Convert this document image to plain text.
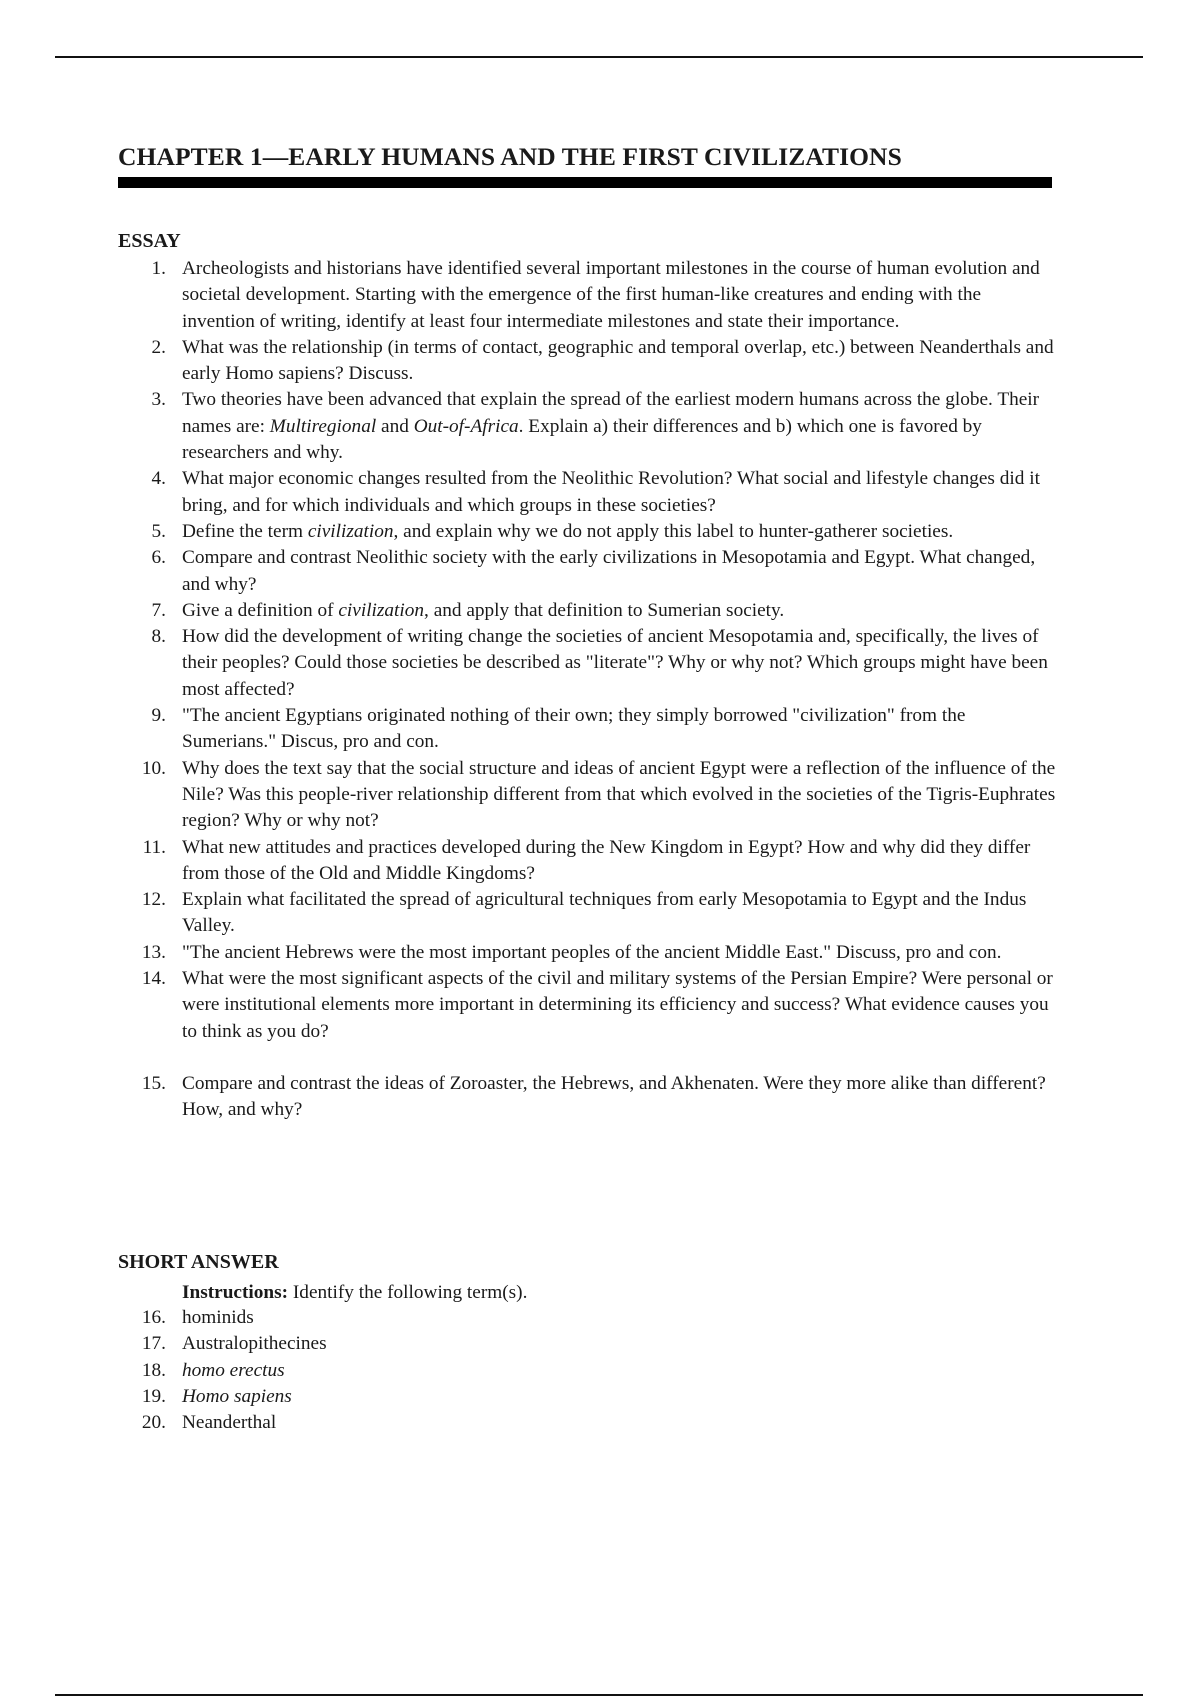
CHAPTER 1—EARLY HUMANS AND THE FIRST CIVILIZATIONS
ESSAY
1. Archeologists and historians have identified several important milestones in the course of human evolution and societal development. Starting with the emergence of the first human-like creatures and ending with the invention of writing, identify at least four intermediate milestones and state their importance.
2. What was the relationship (in terms of contact, geographic and temporal overlap, etc.) between Neanderthals and early Homo sapiens? Discuss.
3. Two theories have been advanced that explain the spread of the earliest modern humans across the globe. Their names are: Multiregional and Out-of-Africa. Explain a) their differences and b) which one is favored by researchers and why.
4. What major economic changes resulted from the Neolithic Revolution? What social and lifestyle changes did it bring, and for which individuals and which groups in these societies?
5. Define the term civilization, and explain why we do not apply this label to hunter-gatherer societies.
6. Compare and contrast Neolithic society with the early civilizations in Mesopotamia and Egypt. What changed, and why?
7. Give a definition of civilization, and apply that definition to Sumerian society.
8. How did the development of writing change the societies of ancient Mesopotamia and, specifically, the lives of their peoples? Could those societies be described as "literate"? Why or why not? Which groups might have been most affected?
9. "The ancient Egyptians originated nothing of their own; they simply borrowed "civilization" from the Sumerians." Discus, pro and con.
10. Why does the text say that the social structure and ideas of ancient Egypt were a reflection of the influence of the Nile? Was this people-river relationship different from that which evolved in the societies of the Tigris-Euphrates region? Why or why not?
11. What new attitudes and practices developed during the New Kingdom in Egypt? How and why did they differ from those of the Old and Middle Kingdoms?
12. Explain what facilitated the spread of agricultural techniques from early Mesopotamia to Egypt and the Indus Valley.
13. "The ancient Hebrews were the most important peoples of the ancient Middle East." Discuss, pro and con.
14. What were the most significant aspects of the civil and military systems of the Persian Empire? Were personal or were institutional elements more important in determining its efficiency and success? What evidence causes you to think as you do?
15. Compare and contrast the ideas of Zoroaster, the Hebrews, and Akhenaten. Were they more alike than different? How, and why?
SHORT ANSWER

Instructions: Identify the following term(s).

16. hominids
17. Australopithecines
18. homo erectus
19. Homo sapiens
20. Neanderthal
